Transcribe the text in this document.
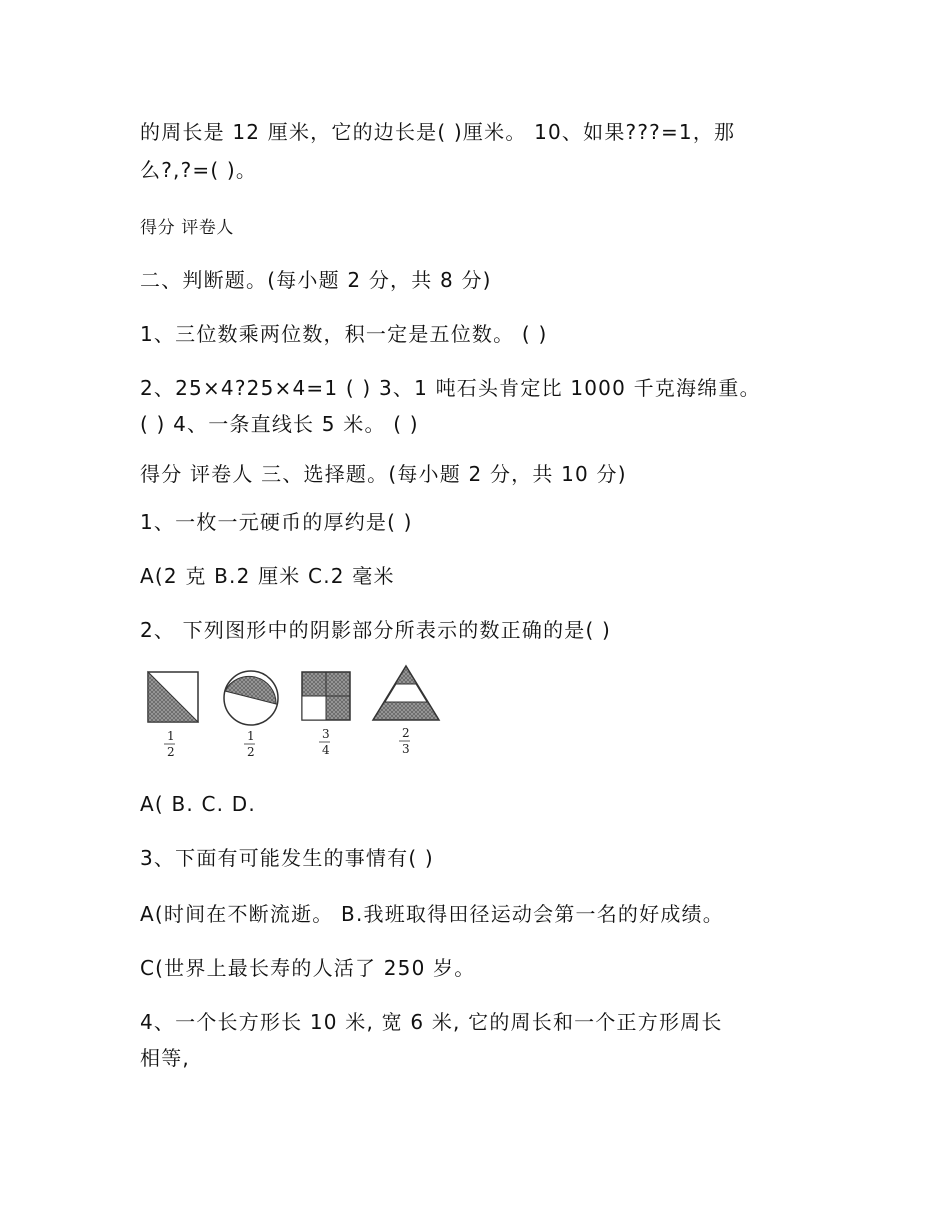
的周长是 12 厘米，它的边长是( )厘米。 10、如果???=1，那
么?,?=( )。
得分 评卷人
二、判断题。(每小题 2 分，共 8 分)
1、三位数乘两位数，积一定是五位数。 ( )
2、25×4?25×4=1 ( ) 3、1 吨石头肯定比 1000 千克海绵重。
( ) 4、一条直线长 5 米。 ( )
得分 评卷人 三、选择题。(每小题 2 分，共 10 分)
1、一枚一元硬币的厚约是( )
A(2 克 B.2 厘米 C.2 毫米
2、 下列图形中的阴影部分所表示的数正确的是( )
1
2
1
2
3
4
2
3
A( B. C. D.
3、下面有可能发生的事情有( )
A(时间在不断流逝。 B.我班取得田径运动会第一名的好成绩。
C(世界上最长寿的人活了 250 岁。
4、一个长方形长 10 米, 宽 6 米, 它的周长和一个正方形周长
相等,
